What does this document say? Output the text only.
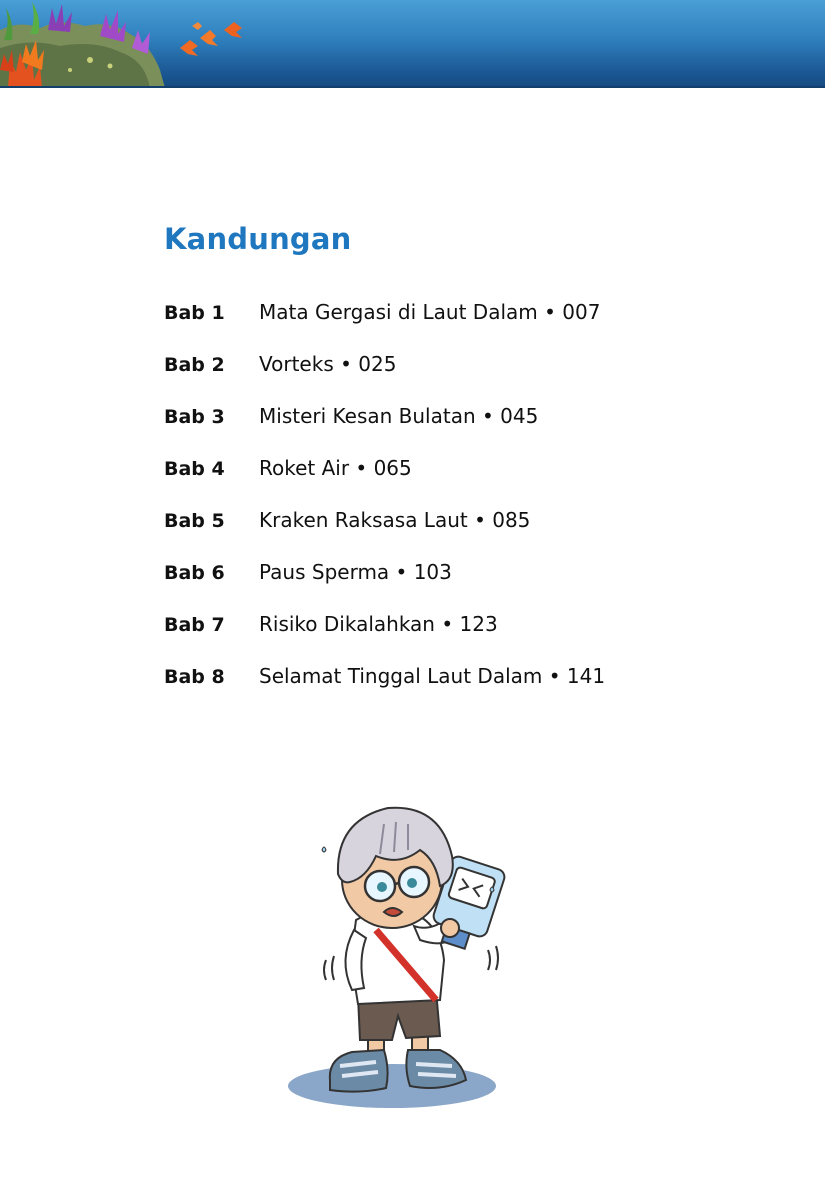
Kandungan
Bab 1	Mata Gergasi di Laut Dalam • 007
Bab 2	Vorteks • 025
Bab 3	Misteri Kesan Bulatan • 045
Bab 4	Roket Air • 065
Bab 5	Kraken Raksasa Laut • 085
Bab 6	Paus Sperma • 103
Bab 7	Risiko Dikalahkan • 123
Bab 8	Selamat Tinggal Laut Dalam • 141
